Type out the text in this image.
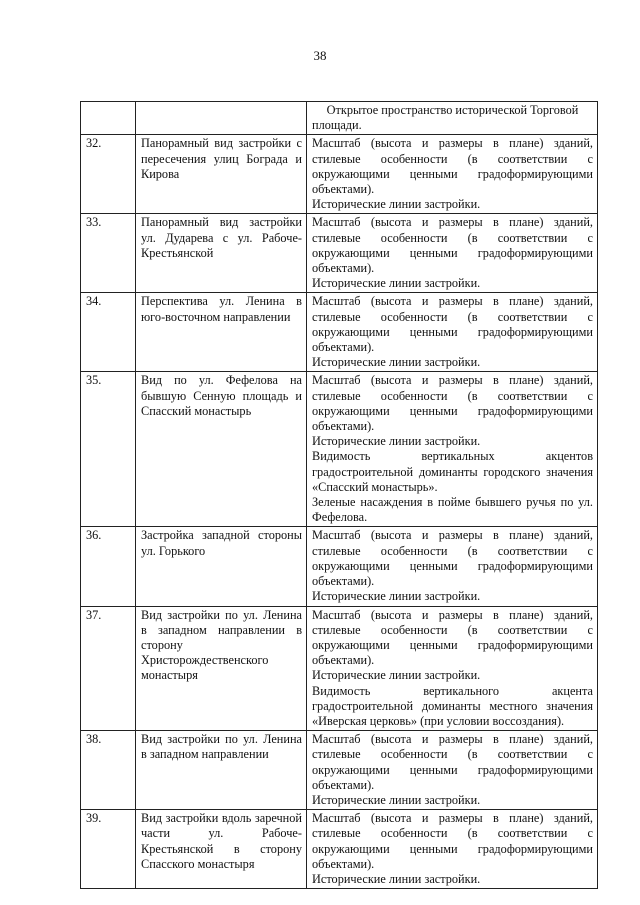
38

		Открытое пространство исторической Торговой площади.

32.	Панорамный вид застройки с пересечения улиц Бограда и Кирова	Масштаб (высота и размеры в плане) зданий, стилевые особенности (в соответствии с окружающими ценными градоформирующими объектами).
Исторические линии застройки.

33.	Панорамный вид застройки ул. Дударева с ул. Рабоче-Крестьянской	Масштаб (высота и размеры в плане) зданий, стилевые особенности (в соответствии с окружающими ценными градоформирующими объектами).
Исторические линии застройки.

34.	Перспектива ул. Ленина в юго-восточном направлении	Масштаб (высота и размеры в плане) зданий, стилевые особенности (в соответствии с окружающими ценными градоформирующими объектами).
Исторические линии застройки.

35.	Вид по ул. Фефелова на бывшую Сенную площадь и Спасский монастырь	Масштаб (высота и размеры в плане) зданий, стилевые особенности (в соответствии с окружающими ценными градоформирующими объектами).
Исторические линии застройки.
Видимость вертикальных акцентов градостроительной доминанты городского значения «Спасский монастырь».
Зеленые насаждения в пойме бывшего ручья по ул. Фефелова.

36.	Застройка западной стороны ул. Горького	Масштаб (высота и размеры в плане) зданий, стилевые особенности (в соответствии с окружающими ценными градоформирующими объектами).
Исторические линии застройки.

37.	Вид застройки по ул. Ленина в западном направлении в сторону Христорождественского монастыря	Масштаб (высота и размеры в плане) зданий, стилевые особенности (в соответствии с окружающими ценными градоформирующими объектами).
Исторические линии застройки.
Видимость вертикального акцента градостроительной доминанты местного значения «Иверская церковь» (при условии воссоздания).

38.	Вид застройки по ул. Ленина в западном направлении	Масштаб (высота и размеры в плане) зданий, стилевые особенности (в соответствии с окружающими ценными градоформирующими объектами).
Исторические линии застройки.

39.	Вид застройки вдоль заречной части ул. Рабоче-Крестьянской в сторону Спасского монастыря	Масштаб (высота и размеры в плане) зданий, стилевые особенности (в соответствии с окружающими ценными градоформирующими объектами).
Исторические линии застройки.
